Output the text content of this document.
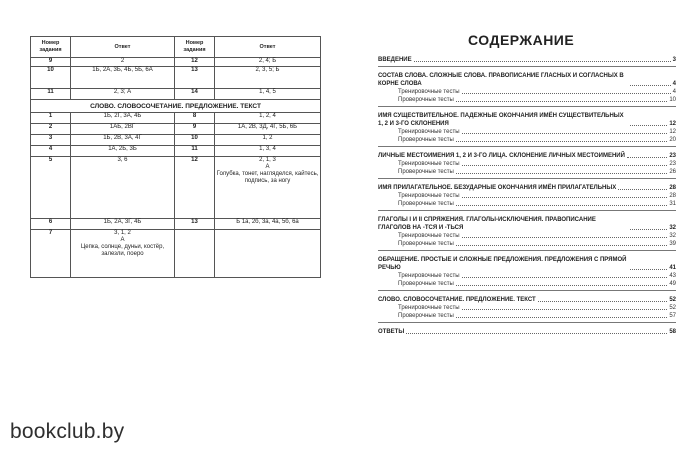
Номер задания	Ответ	Номер задания	Ответ
9	2	12	2, 4; Б
10	1Б, 2А, 3Б, 4Б, 5Б, 6А	13	2, 3, 5; Б
11	2, 3; А	14	1, 4, 5
СЛОВО. СЛОВОСОЧЕТАНИЕ. ПРЕДЛОЖЕНИЕ. ТЕКСТ			
1	1Б, 2Г, 3А, 4Б	8	1, 2, 4
2	1АБ, 2ВГ	9	1А, 2В, 3Д, 4Г, 5Б, 6Б
3	1Б, 2В, 3А, 4Г	10	1, 2
4	1А, 2Б, 3Б	11	1, 3, 4
5	3, 6	12	2, 1, 3
А
Голубка, тонет, нагляделся, кайтесь, подпись, за ногу
6	1Б, 2А, 3Г, 4Б	13	Б 1а, 2б, 3а, 4а, 5б, 6а
7	3, 1, 2
А
Цепка, солнце, дуньи, костёр, залезли, поеро		
bookclub.by
СОДЕРЖАНИЕ
ВВЕДЕНИЕ	3
СОСТАВ СЛОВА. СЛОЖНЫЕ СЛОВА. ПРАВОПИСАНИЕ ГЛАСНЫХ И СОГЛАСНЫХ В КОРНЕ СЛОВА	4
Тренировочные тесты	4
Проверочные тесты	10
ИМЯ СУЩЕСТВИТЕЛЬНОЕ. ПАДЕЖНЫЕ ОКОНЧАНИЯ ИМЁН СУЩЕСТВИТЕЛЬНЫХ 1, 2 И 3-ГО СКЛОНЕНИЯ	12
Тренировочные тесты	12
Проверочные тесты	20
ЛИЧНЫЕ МЕСТОИМЕНИЯ 1, 2 И 3-ГО ЛИЦА. СКЛОНЕНИЕ ЛИЧНЫХ МЕСТОИМЕНИЙ	23
Тренировочные тесты	23
Проверочные тесты	26
ИМЯ ПРИЛАГАТЕЛЬНОЕ. БЕЗУДАРНЫЕ ОКОНЧАНИЯ ИМЁН ПРИЛАГАТЕЛЬНЫХ	28
Тренировочные тесты	28
Проверочные тесты	31
ГЛАГОЛЫ I И II СПРЯЖЕНИЯ. ГЛАГОЛЫ-ИСКЛЮЧЕНИЯ. ПРАВОПИСАНИЕ ГЛАГОЛОВ НА -ТСЯ И -ТЬСЯ	32
Тренировочные тесты	32
Проверочные тесты	39
ОБРАЩЕНИЕ. ПРОСТЫЕ И СЛОЖНЫЕ ПРЕДЛОЖЕНИЯ. ПРЕДЛОЖЕНИЯ С ПРЯМОЙ РЕЧЬЮ	41
Тренировочные тесты	43
Проверочные тесты	49
СЛОВО. СЛОВОСОЧЕТАНИЕ. ПРЕДЛОЖЕНИЕ. ТЕКСТ	52
Тренировочные тесты	52
Проверочные тесты	57
ОТВЕТЫ	58
